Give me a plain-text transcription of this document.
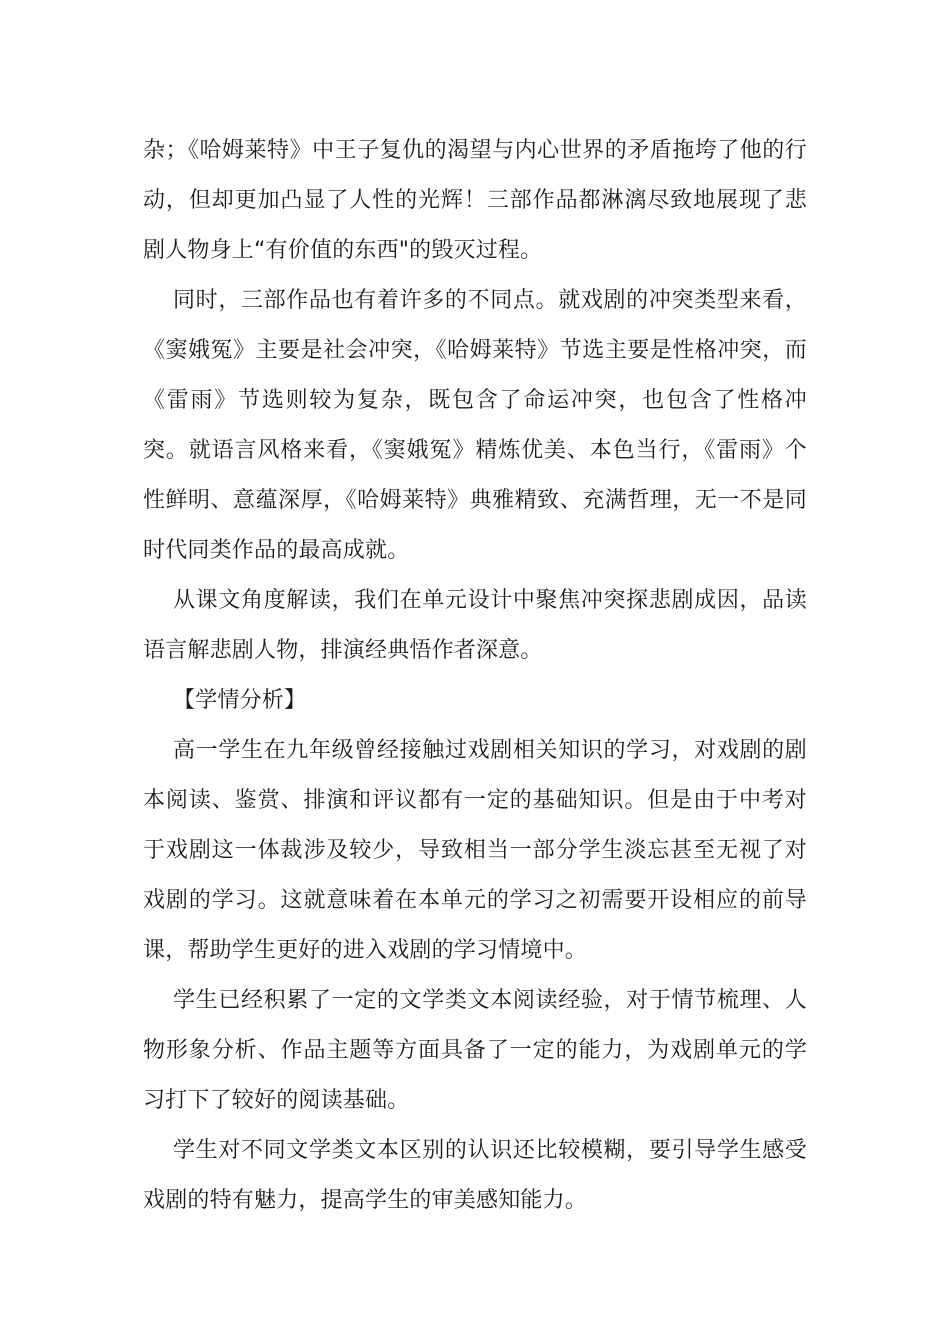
杂；《哈姆莱特》中王子复仇的渴望与内心世界的矛盾拖垮了他的行动，但却更加凸显了人性的光辉！三部作品都淋漓尽致地展现了悲剧人物身上“有价值的东西"的毁灭过程。

同时，三部作品也有着许多的不同点。就戏剧的冲突类型来看，《窦娥冤》主要是社会冲突，《哈姆莱特》节选主要是性格冲突，而《雷雨》节选则较为复杂，既包含了命运冲突，也包含了性格冲突。就语言风格来看，《窦娥冤》精炼优美、本色当行，《雷雨》个性鲜明、意蕴深厚，《哈姆莱特》典雅精致、充满哲理，无一不是同时代同类作品的最高成就。

从课文角度解读，我们在单元设计中聚焦冲突探悲剧成因，品读语言解悲剧人物，排演经典悟作者深意。

【学情分析】

高一学生在九年级曾经接触过戏剧相关知识的学习，对戏剧的剧本阅读、鉴赏、排演和评议都有一定的基础知识。但是由于中考对于戏剧这一体裁涉及较少，导致相当一部分学生淡忘甚至无视了对戏剧的学习。这就意味着在本单元的学习之初需要开设相应的前导课，帮助学生更好的进入戏剧的学习情境中。

学生已经积累了一定的文学类文本阅读经验，对于情节梳理、人物形象分析、作品主题等方面具备了一定的能力，为戏剧单元的学习打下了较好的阅读基础。

学生对不同文学类文本区别的认识还比较模糊，要引导学生感受戏剧的特有魅力，提高学生的审美感知能力。
